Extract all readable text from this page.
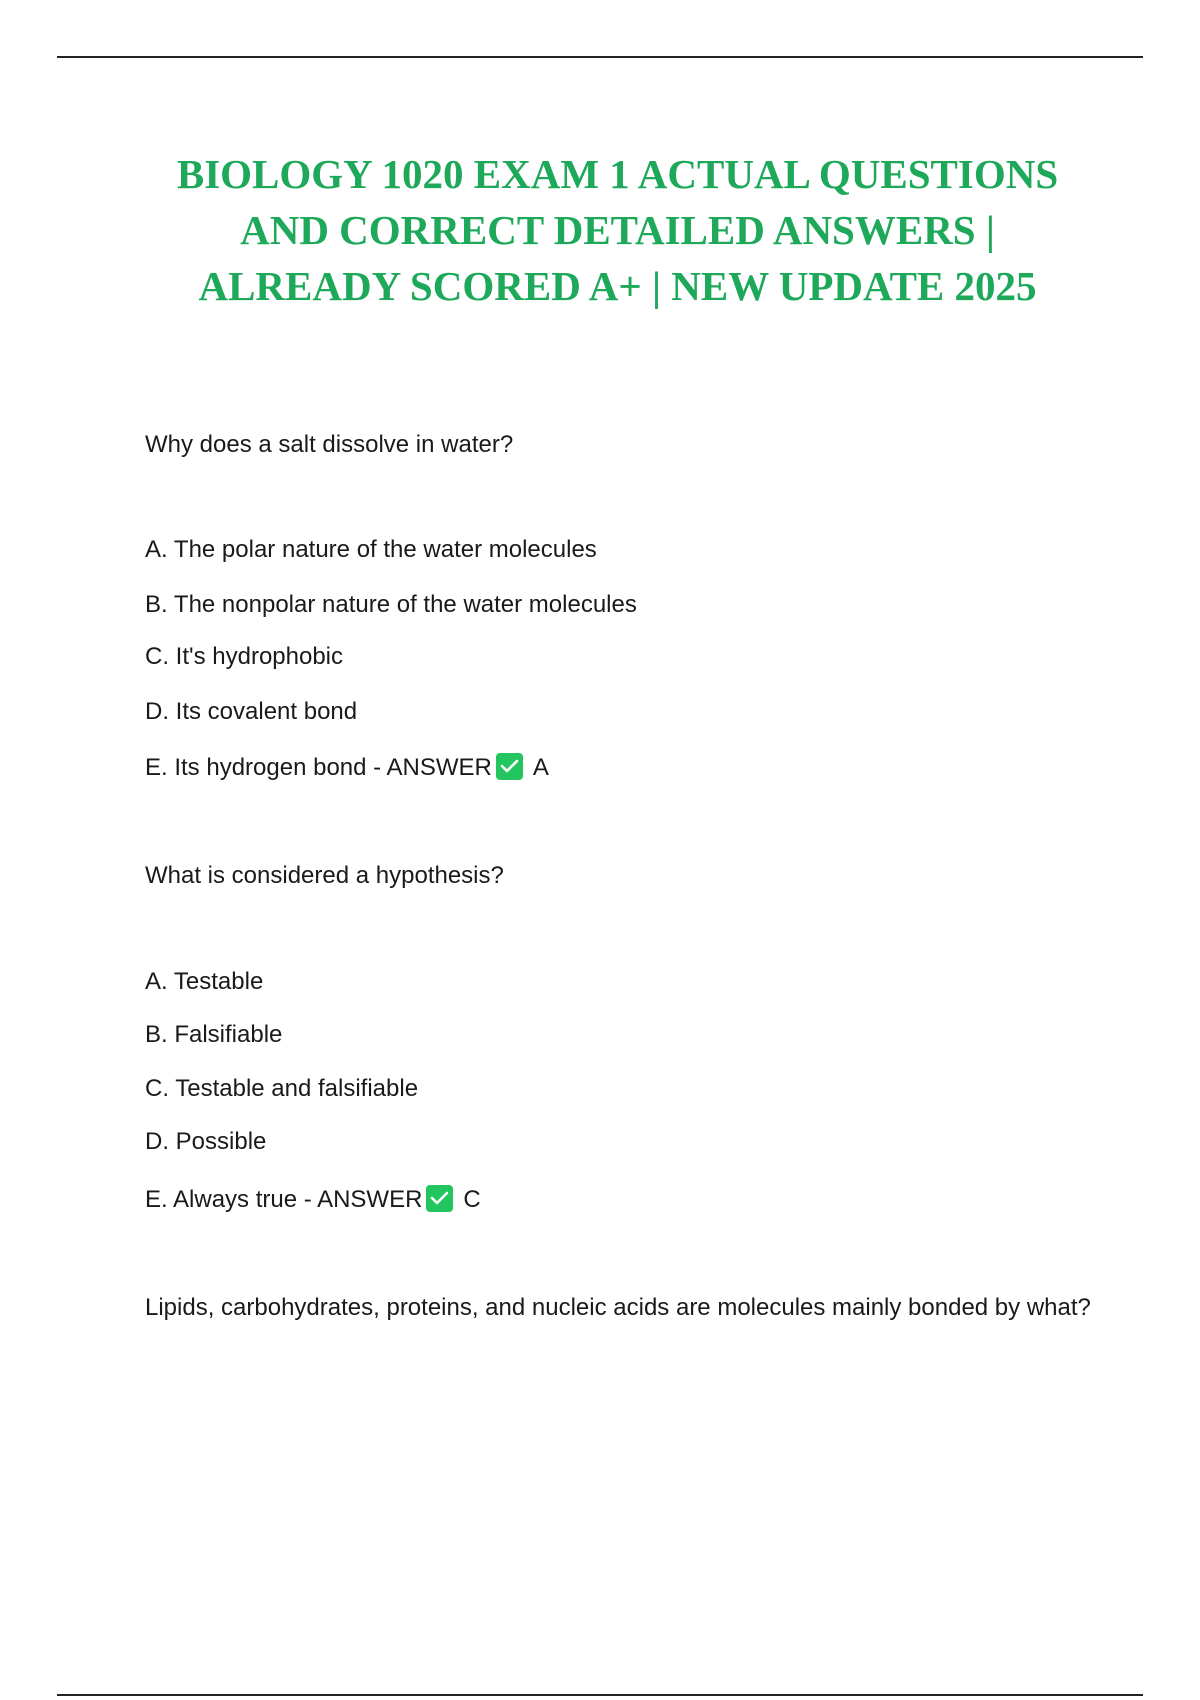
BIOLOGY 1020 EXAM 1 ACTUAL QUESTIONS AND CORRECT DETAILED ANSWERS | ALREADY SCORED A+ | NEW UPDATE 2025
Why does a salt dissolve in water?
A. The polar nature of the water molecules
B. The nonpolar nature of the water molecules
C. It's hydrophobic
D. Its covalent bond
E. Its hydrogen bond - ANSWER A
What is considered a hypothesis?
A. Testable
B. Falsifiable
C. Testable and falsifiable
D. Possible
E. Always true - ANSWER C
Lipids, carbohydrates, proteins, and nucleic acids are molecules mainly bonded by what?
